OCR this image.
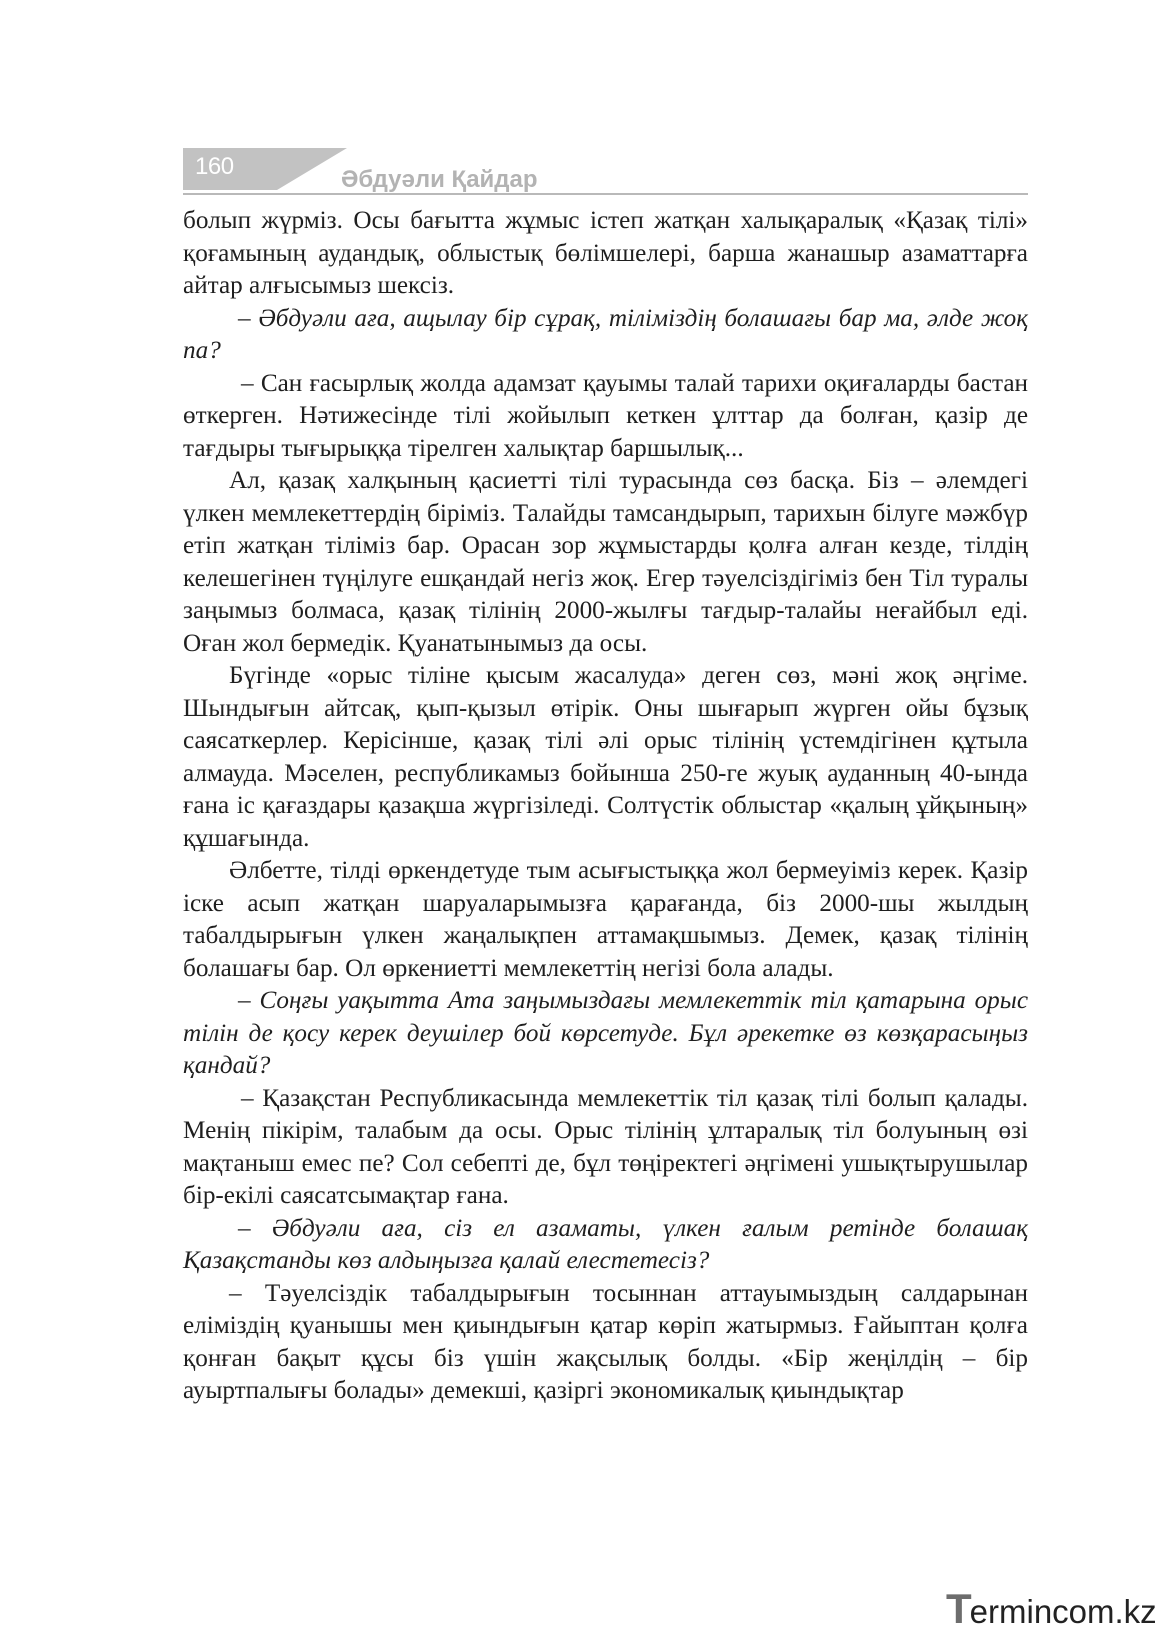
160	Әбдуәли Қайдар

болып жүрміз. Осы бағытта жұмыс істеп жатқан халықаралық «Қазақ тілі» қоғамының аудандық, облыстық бөлімшелері, барша жанашыр азаматтарға айтар алғысымыз шексіз.

– Әбдуәли аға, ащылау бір сұрақ, тіліміздің болашағы бар ма, әлде жоқ па?

– Сан ғасырлық жолда адамзат қауымы талай тарихи оқиғаларды бастан өткерген. Нәтижесінде тілі жойылып кеткен ұлттар да болған, қазір де тағдыры тығырыққа тірелген халықтар баршылық...

Ал, қазақ халқының қасиетті тілі турасында сөз басқа. Біз – әлемдегі үлкен мемлекеттердің біріміз. Талайды тамсандырып, тарихын білуге мәжбүр етіп жатқан тіліміз бар. Орасан зор жұмыстарды қолға алған кезде, тілдің келешегінен түңілуге ешқандай негіз жоқ. Егер тәуелсіздігіміз бен Тіл туралы заңымыз болмаса, қазақ тілінің 2000-жылғы тағдыр-талайы неғайбыл еді. Оған жол бермедік. Қуанатынымыз да осы.

Бүгінде «орыс тіліне қысым жасалуда» деген сөз, мәні жоқ әңгіме. Шындығын айтсақ, қып-қызыл өтірік. Оны шығарып жүрген ойы бұзық саясаткерлер. Керісінше, қазақ тілі әлі орыс тілінің үстемдігінен құтыла алмауда. Мәселен, республикамыз бойынша 250-ге жуық ауданның 40-ында ғана іс қағаздары қазақша жүргізіледі. Солтүстік облыстар «қалың ұйқының» құшағында.

Әлбетте, тілді өркендетуде тым асығыстыққа жол бермеуіміз керек. Қазір іске асып жатқан шаруаларымызға қарағанда, біз 2000-шы жылдың табалдырығын үлкен жаңалықпен аттамақшымыз. Демек, қазақ тілінің болашағы бар. Ол өркениетті мемлекеттің негізі бола алады.

– Соңғы уақытта Ата заңымыздағы мемлекеттік тіл қатарына орыс тілін де қосу керек деушілер бой көрсетуде. Бұл әрекетке өз көзқарасыңыз қандай?

– Қазақстан Республикасында мемлекеттік тіл қазақ тілі болып қалады. Менің пікірім, талабым да осы. Орыс тілінің ұлтаралық тіл болуының өзі мақтаныш емес пе? Сол себепті де, бұл төңіректегі әңгімені ушықтырушылар бір-екілі саясатсымақтар ғана.

– Әбдуәли аға, сіз ел азаматы, үлкен ғалым ретінде болашақ Қазақстанды көз алдыңызға қалай елестетесіз?

– Тәуелсіздік табалдырығын тосыннан аттауымыздың салдарынан еліміздің қуанышы мен қиындығын қатар көріп жатырмыз. Ғайыптан қолға қонған бақыт құсы біз үшін жақсылық болды. «Бір жеңілдің – бір ауыртпалығы болады» демекші, қазіргі экономикалық қиындықтар

Termincom.kz
